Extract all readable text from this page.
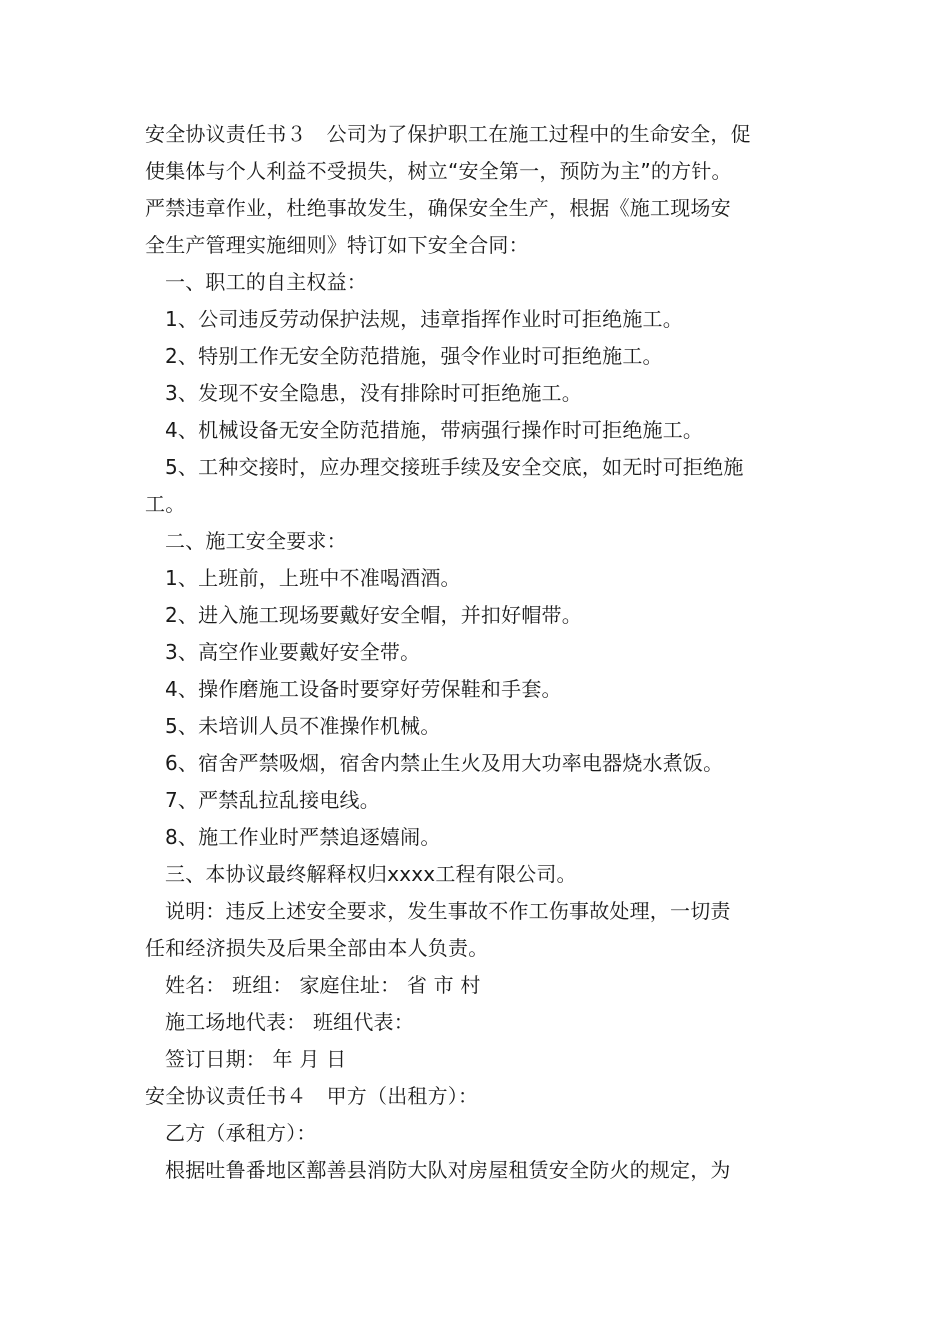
安全协议责任书３ 公司为了保护职工在施工过程中的生命安全，促

使集体与个人利益不受损失，树立“安全第一，预防为主”的方针。

严禁违章作业，杜绝事故发生，确保安全生产，根据《施工现场安

全生产管理实施细则》特订如下安全合同：

一、职工的自主权益：

1、公司违反劳动保护法规，违章指挥作业时可拒绝施工。

2、特别工作无安全防范措施，强令作业时可拒绝施工。

3、发现不安全隐患，没有排除时可拒绝施工。

4、机械设备无安全防范措施，带病强行操作时可拒绝施工。

5、工种交接时，应办理交接班手续及安全交底，如无时可拒绝施

工。

二、施工安全要求：

1、上班前，上班中不准喝酒酒。

2、进入施工现场要戴好安全帽，并扣好帽带。

3、高空作业要戴好安全带。

4、操作磨施工设备时要穿好劳保鞋和手套。

5、未培训人员不准操作机械。

6、宿舍严禁吸烟，宿舍内禁止生火及用大功率电器烧水煮饭。

7、严禁乱拉乱接电线。

8、施工作业时严禁追逐嬉闹。

三、本协议最终解释权归xxxx工程有限公司。

说明：违反上述安全要求，发生事故不作工伤事故处理，一切责

任和经济损失及后果全部由本人负责。

姓名： 班组： 家庭住址： 省 市 村

施工场地代表： 班组代表：

签订日期： 年 月 日

安全协议责任书４ 甲方（出租方）：

乙方（承租方）：

根据吐鲁番地区鄯善县消防大队对房屋租赁安全防火的规定，为
